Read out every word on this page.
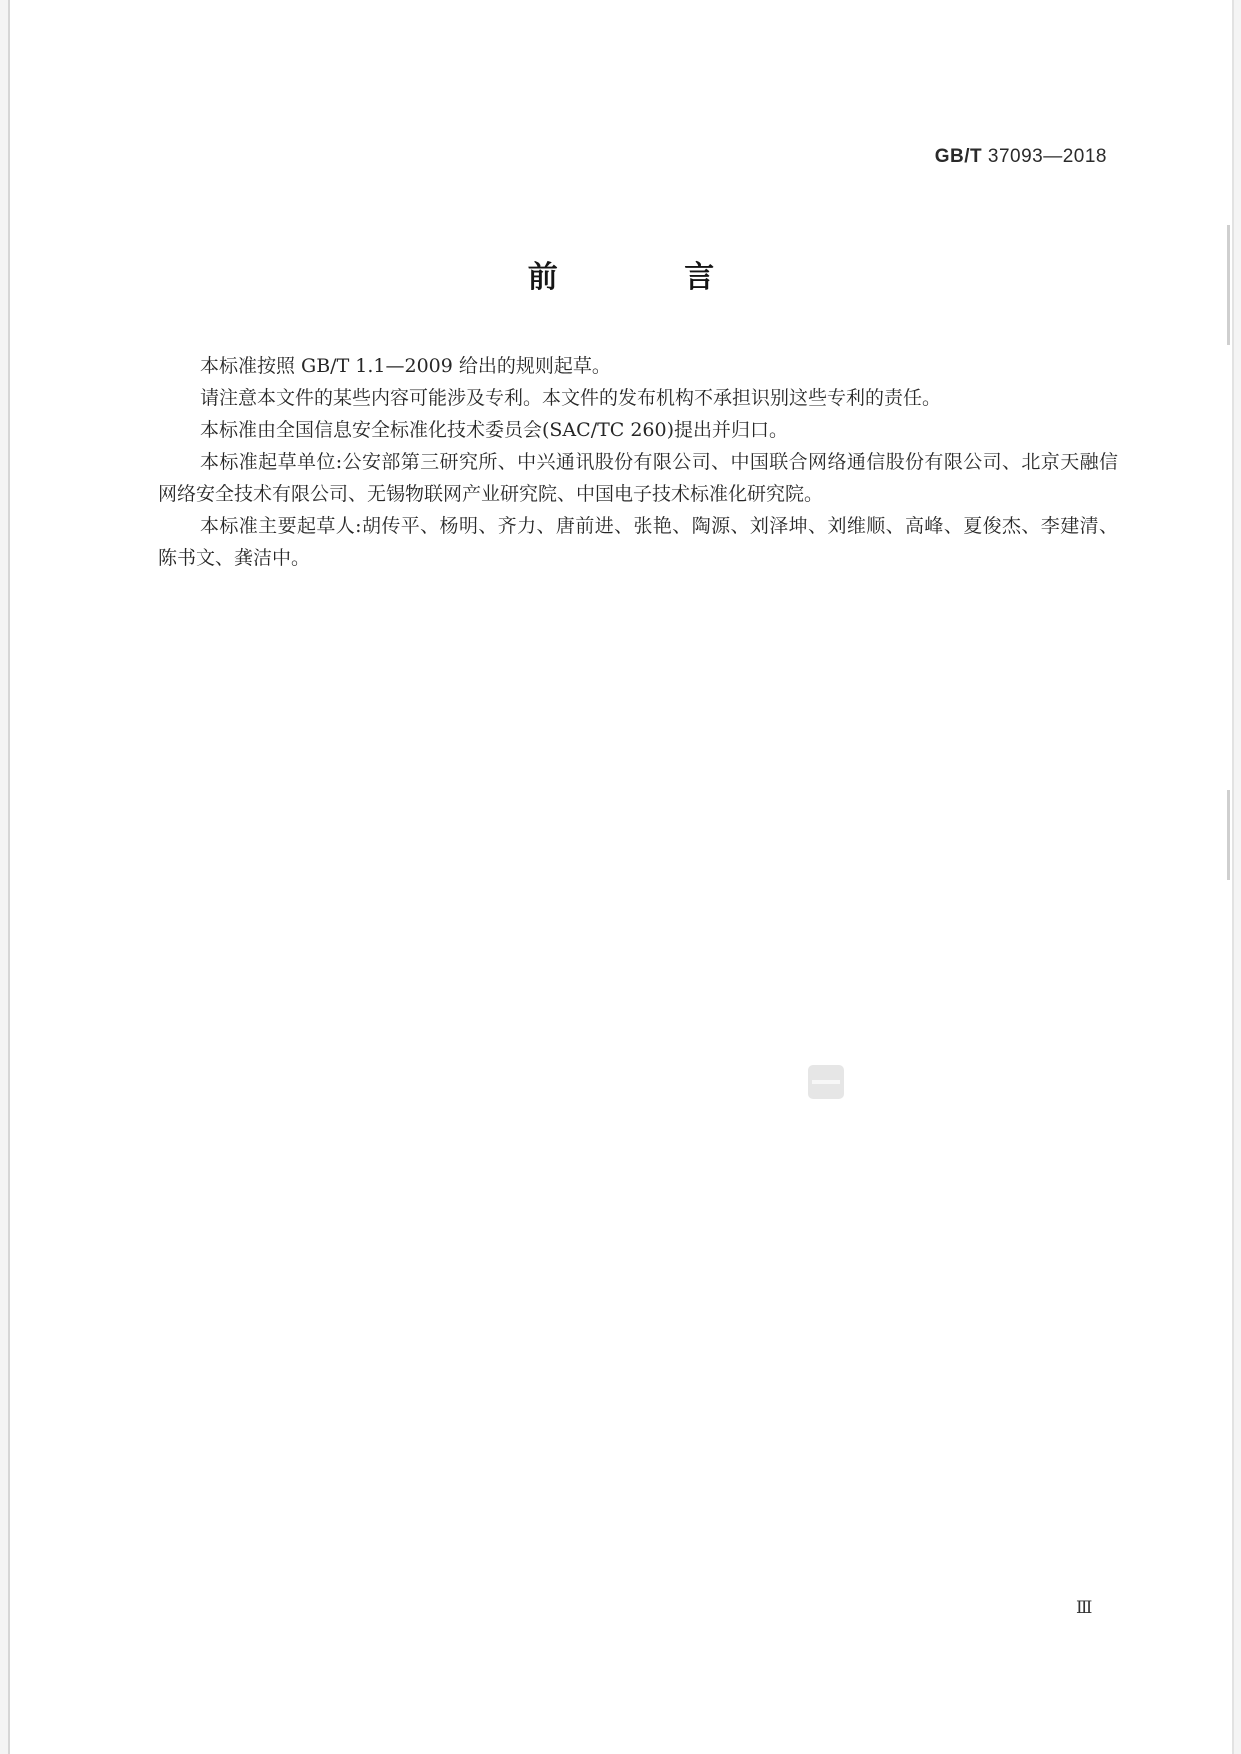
GB/T 37093—2018
前 言

本标准按照 GB/T 1.1—2009 给出的规则起草。

请注意本文件的某些内容可能涉及专利。本文件的发布机构不承担识别这些专利的责任。

本标准由全国信息安全标准化技术委员会(SAC/TC 260)提出并归口。

本标准起草单位:公安部第三研究所、中兴通讯股份有限公司、中国联合网络通信股份有限公司、北京天融信网络安全技术有限公司、无锡物联网产业研究院、中国电子技术标准化研究院。

本标准主要起草人:胡传平、杨明、齐力、唐前进、张艳、陶源、刘泽坤、刘维顺、高峰、夏俊杰、李建清、陈书文、龚洁中。

Ⅲ
